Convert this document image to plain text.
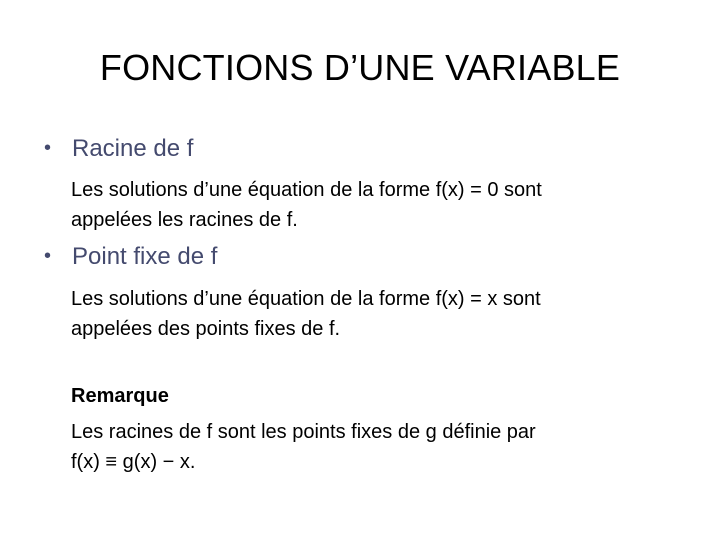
FONCTIONS D’UNE VARIABLE
• Racine de f
Les solutions d’une équation de la forme f(x) = 0 sont
appelées les racines de f.
• Point fixe de f
Les solutions d’une équation de la forme f(x) = x sont
appelées des points fixes de f.
Remarque
Les racines de f sont les points fixes de g définie par
f(x) ≡ g(x) − x.
